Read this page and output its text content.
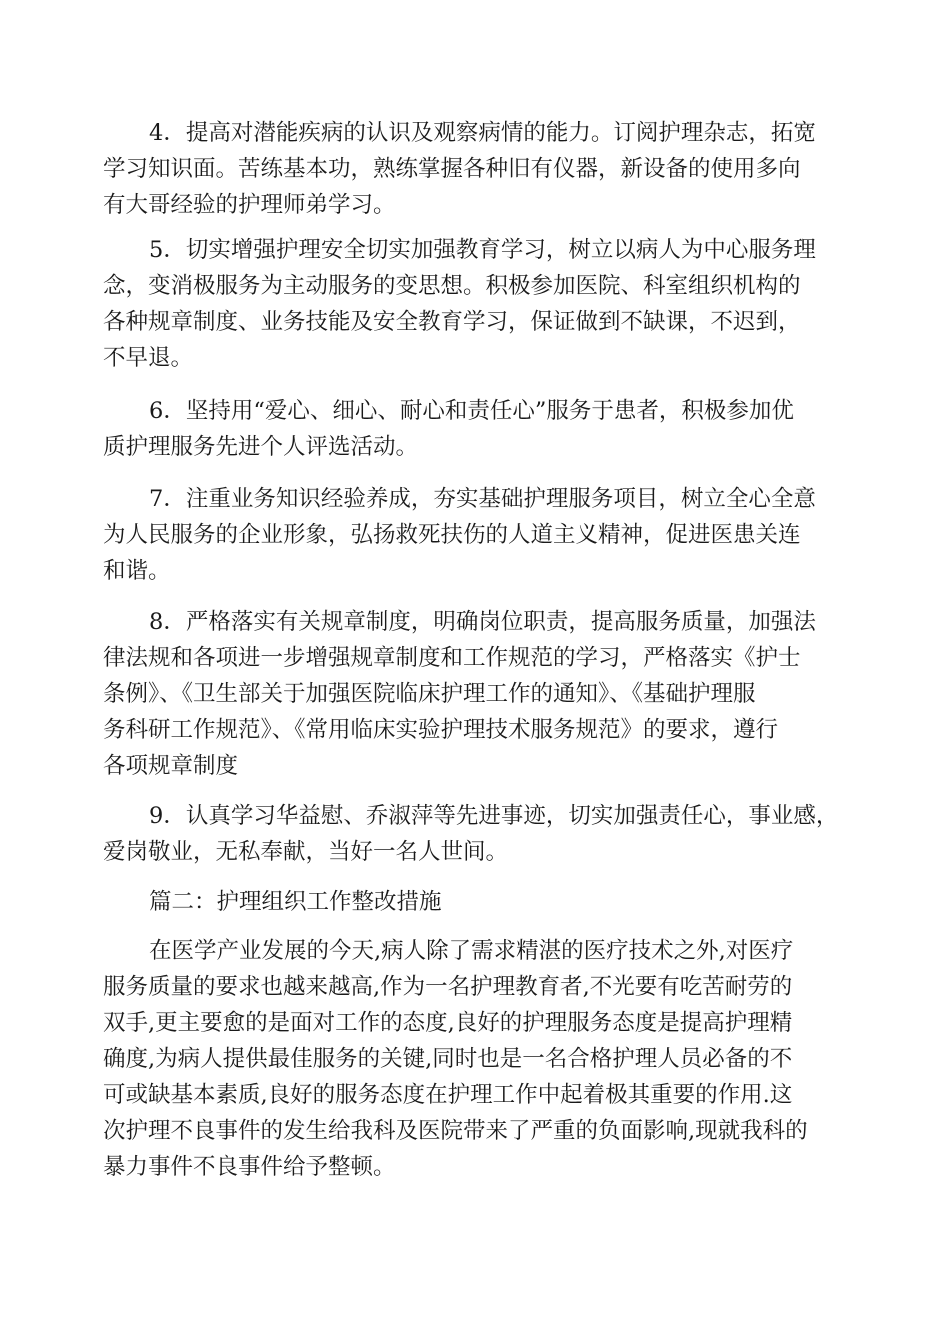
4．提高对潜能疾病的认识及观察病情的能力。订阅护理杂志，拓宽
学习知识面。苦练基本功，熟练掌握各种旧有仪器，新设备的使用多向
有大哥经验的护理师弟学习。
5．切实增强护理安全切实加强教育学习，树立以病人为中心服务理
念，变消极服务为主动服务的变思想。积极参加医院、科室组织机构的
各种规章制度、业务技能及安全教育学习，保证做到不缺课，不迟到，
不早退。
6．坚持用“爱心、细心、耐心和责任心”服务于患者，积极参加优
质护理服务先进个人评选活动。
7．注重业务知识经验养成，夯实基础护理服务项目，树立全心全意
为人民服务的企业形象，弘扬救死扶伤的人道主义精神，促进医患关连
和谐。
8．严格落实有关规章制度，明确岗位职责，提高服务质量，加强法
律法规和各项进一步增强规章制度和工作规范的学习，严格落实《护士
条例》、《卫生部关于加强医院临床护理工作的通知》、《基础护理服
务科研工作规范》、《常用临床实验护理技术服务规范》的要求，遵行
各项规章制度
9．认真学习华益慰、乔淑萍等先进事迹，切实加强责任心，事业感，
爱岗敬业，无私奉献，当好一名人世间。
篇二：护理组织工作整改措施
在医学产业发展的今天,病人除了需求精湛的医疗技术之外,对医疗
服务质量的要求也越来越高,作为一名护理教育者,不光要有吃苦耐劳的
双手,更主要愈的是面对工作的态度,良好的护理服务态度是提高护理精
确度,为病人提供最佳服务的关键,同时也是一名合格护理人员必备的不
可或缺基本素质,良好的服务态度在护理工作中起着极其重要的作用.这
次护理不良事件的发生给我科及医院带来了严重的负面影响,现就我科的
暴力事件不良事件给予整顿。
